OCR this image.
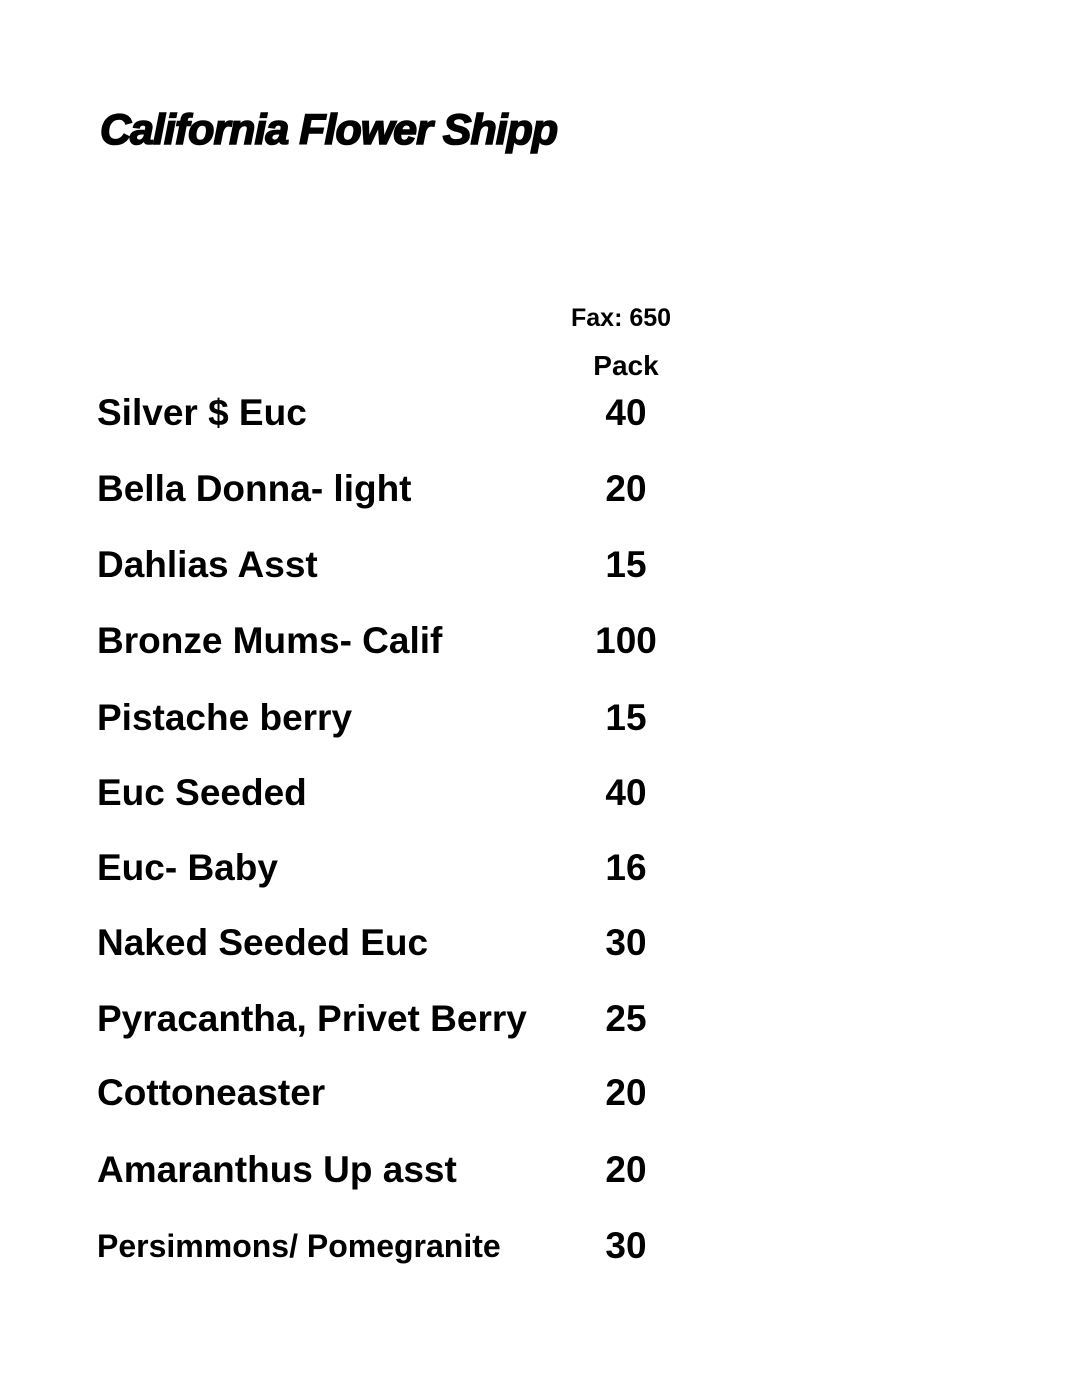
California Flower Shipp
Fax: 650
Pack
Silver $ Euc	40
Bella Donna- light	20
Dahlias Asst	15
Bronze Mums- Calif	100
Pistache berry	15
Euc Seeded	40
Euc- Baby	16
Naked Seeded Euc	30
Pyracantha, Privet Berry	25
Cottoneaster	20
Amaranthus Up asst	20
Persimmons/ Pomegranite	30
